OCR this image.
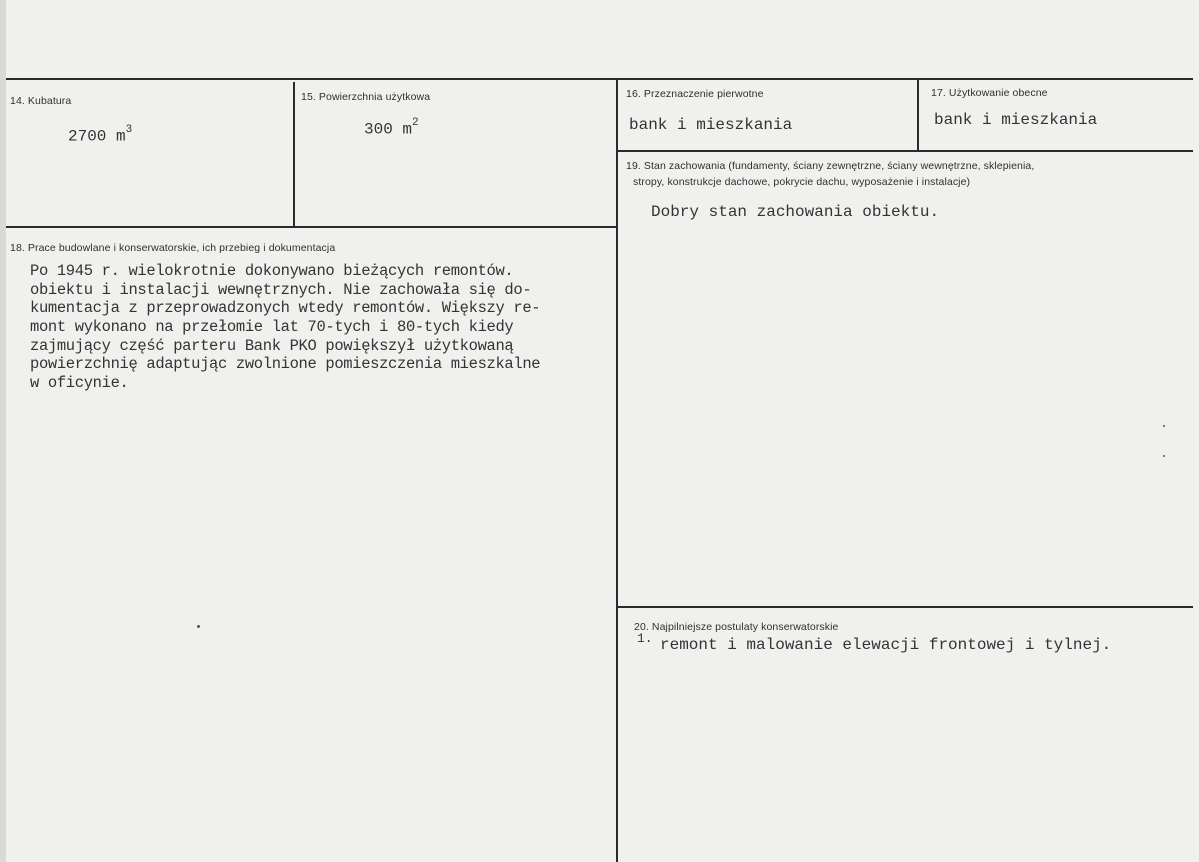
14. Kubatura
2700 $m^3$
15. Powierzchnia użytkowa
300 $m^2$
16. Przeznaczenie pierwotne
bank i mieszkania
17. Użytkowanie obecne
bank i mieszkania
19. Stan zachowania (fundamenty, ściany zewnętrzne, ściany wewnętrzne, sklepienia,
stropy, konstrukcje dachowe, pokrycie dachu, wyposażenie i instalacje)
Dobry stan zachowania obiektu.
18. Prace budowlane i konserwatorskie, ich przebieg i dokumentacja
Po 1945 r. wielokrotnie dokonywano bieżących remontów.
obiektu i instalacji wewnętrznych. Nie zachowała się do-
kumentacja z przeprowadzonych wtedy remontów. Większy re-
mont wykonano na przełomie lat 70-tych i 80-tych kiedy
zajmujący część parteru Bank PKO powiększył użytkowaną
powierzchnię adaptując zwolnione pomieszczenia mieszkalne
w oficynie.
20. Najpilniejsze postulaty konserwatorskie
1. remont i malowanie elewacji frontowej i tylnej.
